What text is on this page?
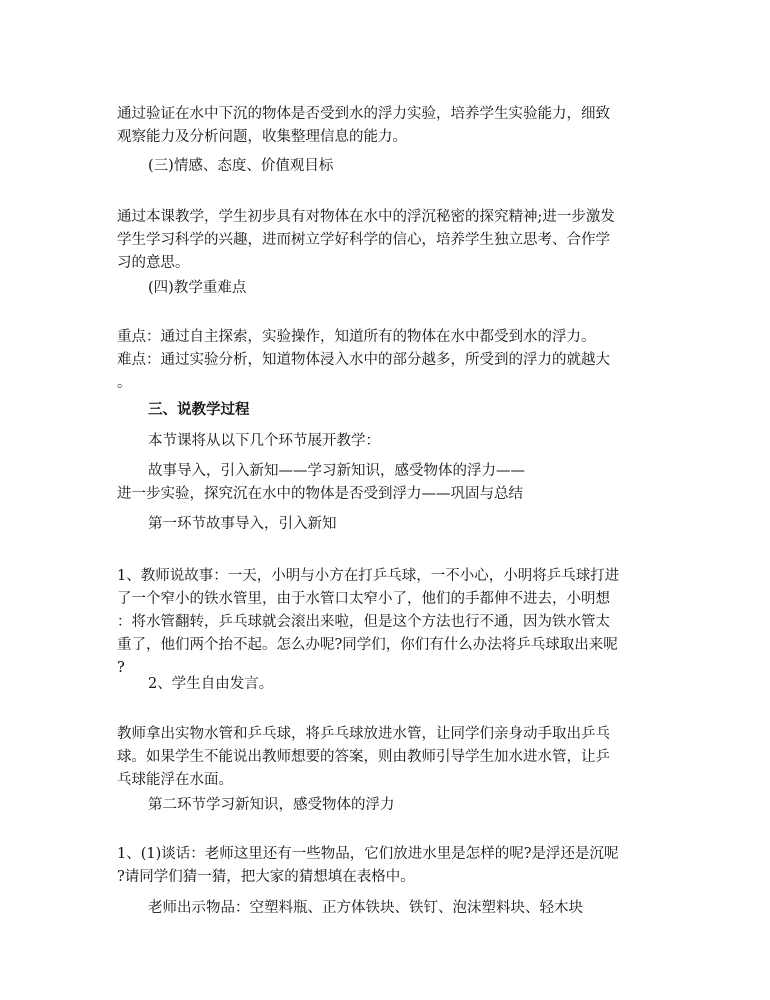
通过验证在水中下沉的物体是否受到水的浮力实验，培养学生实验能力，细致
观察能力及分析问题，收集整理信息的能力。
(三)情感、态度、价值观目标
通过本课教学，学生初步具有对物体在水中的浮沉秘密的探究精神;进一步激发
学生学习科学的兴趣，进而树立学好科学的信心，培养学生独立思考、合作学
习的意思。
(四)教学重难点
重点：通过自主探索，实验操作，知道所有的物体在水中都受到水的浮力。
难点：通过实验分析，知道物体浸入水中的部分越多，所受到的浮力的就越大
。
三、说教学过程
本节课将从以下几个环节展开教学：
故事导入，引入新知——学习新知识，感受物体的浮力——
进一步实验，探究沉在水中的物体是否受到浮力——巩固与总结
第一环节故事导入，引入新知
1、教师说故事：一天，小明与小方在打乒乓球，一不小心，小明将乒乓球打进
了一个窄小的铁水管里，由于水管口太窄小了，他们的手都伸不进去，小明想
：将水管翻转，乒乓球就会滚出来啦，但是这个方法也行不通，因为铁水管太
重了，他们两个抬不起。怎么办呢?同学们，你们有什么办法将乒乓球取出来呢
?
2、学生自由发言。
教师拿出实物水管和乒乓球，将乒乓球放进水管，让同学们亲身动手取出乒乓
球。如果学生不能说出教师想要的答案，则由教师引导学生加水进水管，让乒
乓球能浮在水面。
第二环节学习新知识，感受物体的浮力
1、(1)谈话：老师这里还有一些物品，它们放进水里是怎样的呢?是浮还是沉呢
?请同学们猜一猜，把大家的猜想填在表格中。
老师出示物品：空塑料瓶、正方体铁块、铁钉、泡沫塑料块、轻木块
